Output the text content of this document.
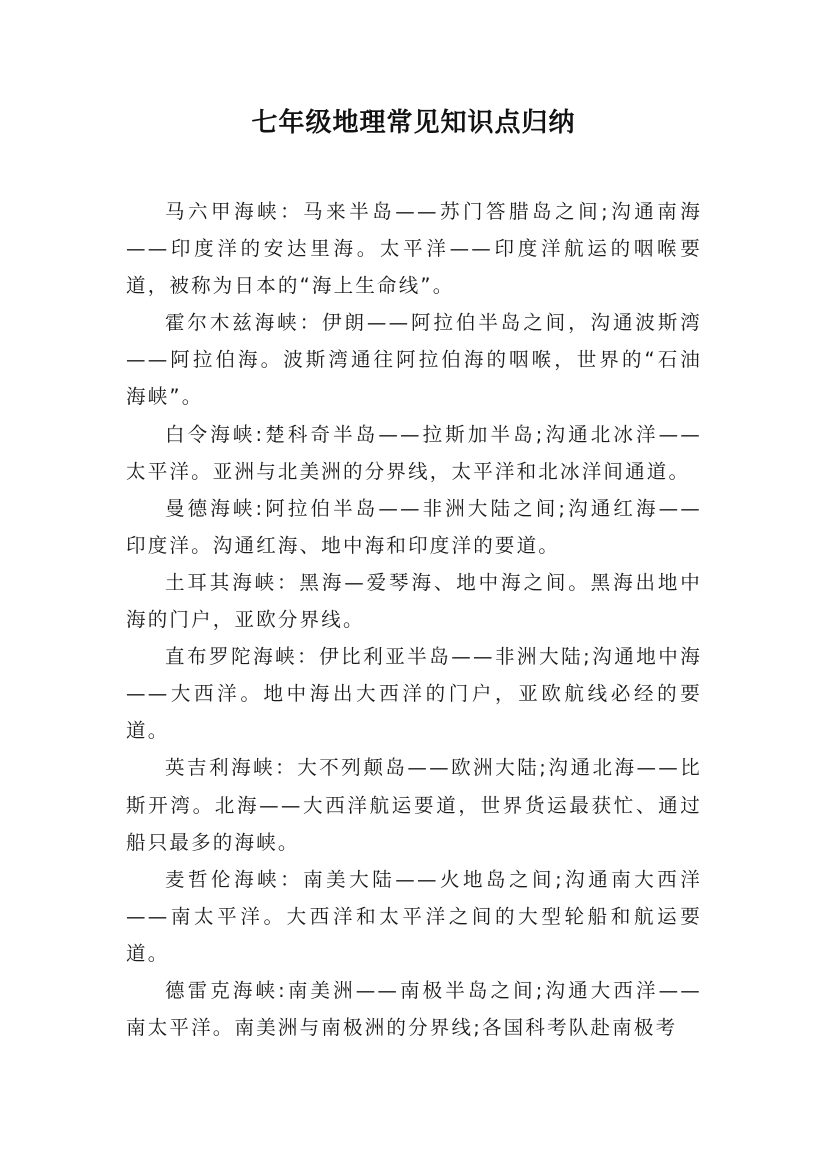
七年级地理常见知识点归纳

马六甲海峡：马来半岛——苏门答腊岛之间;沟通南海——印度洋的安达里海。太平洋——印度洋航运的咽喉要道，被称为日本的“海上生命线”。

霍尔木兹海峡：伊朗——阿拉伯半岛之间，沟通波斯湾——阿拉伯海。波斯湾通往阿拉伯海的咽喉，世界的“石油海峡”。

白令海峡:楚科奇半岛——拉斯加半岛;沟通北冰洋——太平洋。亚洲与北美洲的分界线，太平洋和北冰洋间通道。

曼德海峡:阿拉伯半岛——非洲大陆之间;沟通红海——印度洋。沟通红海、地中海和印度洋的要道。

土耳其海峡：黑海—爱琴海、地中海之间。黑海出地中海的门户，亚欧分界线。

直布罗陀海峡：伊比利亚半岛——非洲大陆;沟通地中海——大西洋。地中海出大西洋的门户，亚欧航线必经的要道。

英吉利海峡：大不列颠岛——欧洲大陆;沟通北海——比斯开湾。北海——大西洋航运要道，世界货运最获忙、通过船只最多的海峡。

麦哲伦海峡：南美大陆——火地岛之间;沟通南大西洋——南太平洋。大西洋和太平洋之间的大型轮船和航运要道。

德雷克海峡:南美洲——南极半岛之间;沟通大西洋——南太平洋。南美洲与南极洲的分界线;各国科考队赴南极考
